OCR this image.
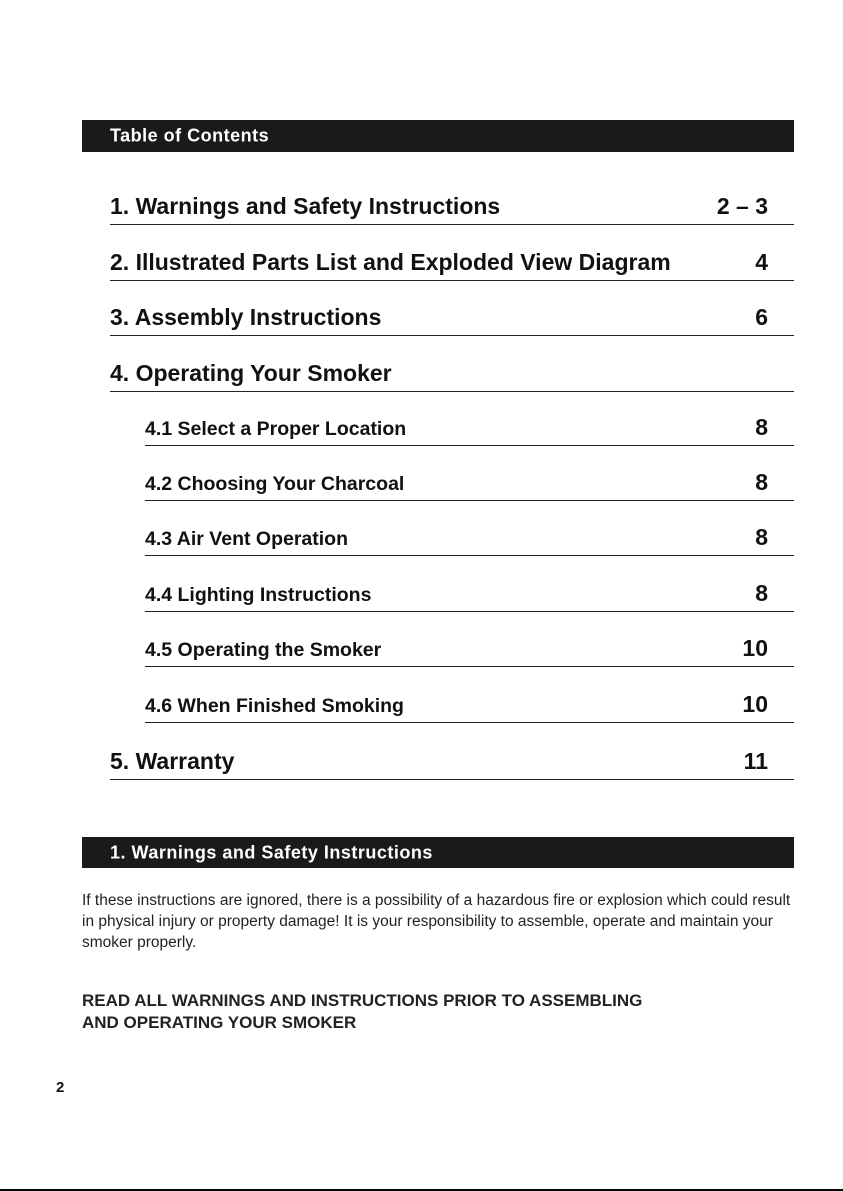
Table of Contents
1. Warnings and Safety Instructions	2 – 3
2. Illustrated Parts List and Exploded View Diagram	4
3. Assembly Instructions	6
4. Operating Your Smoker
4.1 Select a Proper Location	8
4.2 Choosing Your Charcoal	8
4.3 Air Vent Operation	8
4.4 Lighting Instructions	8
4.5 Operating the Smoker	10
4.6 When Finished Smoking	10
5. Warranty	11
1. Warnings and Safety Instructions
If these instructions are ignored, there is a possibility of a hazardous fire or explosion which could result in physical injury or property damage! It is your responsibility to assemble, operate and maintain your smoker properly.
READ ALL WARNINGS AND INSTRUCTIONS PRIOR TO ASSEMBLING
AND OPERATING YOUR SMOKER
2
